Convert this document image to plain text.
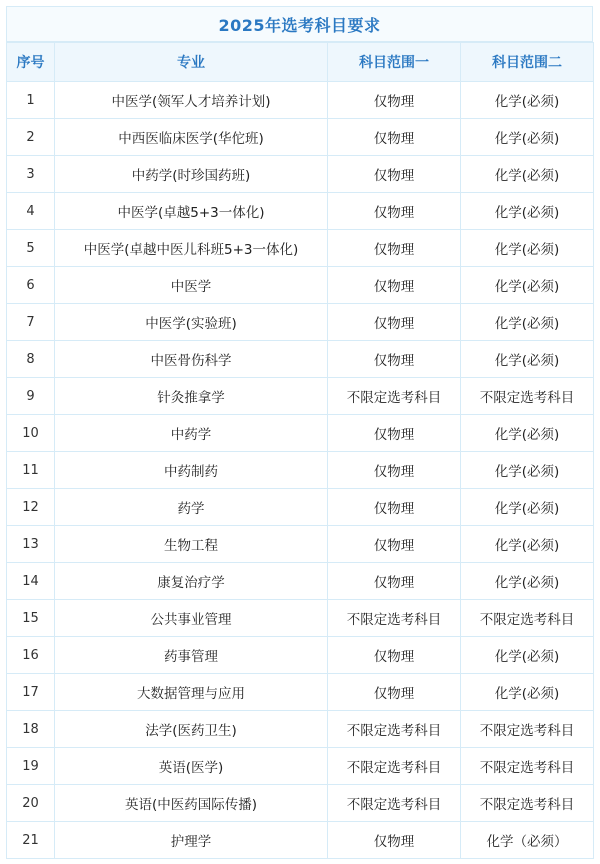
2025年选考科目要求
序号	专业	科目范围一	科目范围二
1	中医学(领军人才培养计划)	仅物理	化学(必须)
2	中西医临床医学(华佗班)	仅物理	化学(必须)
3	中药学(时珍国药班)	仅物理	化学(必须)
4	中医学(卓越5+3一体化)	仅物理	化学(必须)
5	中医学(卓越中医儿科班5+3一体化)	仅物理	化学(必须)
6	中医学	仅物理	化学(必须)
7	中医学(实验班)	仅物理	化学(必须)
8	中医骨伤科学	仅物理	化学(必须)
9	针灸推拿学	不限定选考科目	不限定选考科目
10	中药学	仅物理	化学(必须)
11	中药制药	仅物理	化学(必须)
12	药学	仅物理	化学(必须)
13	生物工程	仅物理	化学(必须)
14	康复治疗学	仅物理	化学(必须)
15	公共事业管理	不限定选考科目	不限定选考科目
16	药事管理	仅物理	化学(必须)
17	大数据管理与应用	仅物理	化学(必须)
18	法学(医药卫生)	不限定选考科目	不限定选考科目
19	英语(医学)	不限定选考科目	不限定选考科目
20	英语(中医药国际传播)	不限定选考科目	不限定选考科目
21	护理学	仅物理	化学（必须）
